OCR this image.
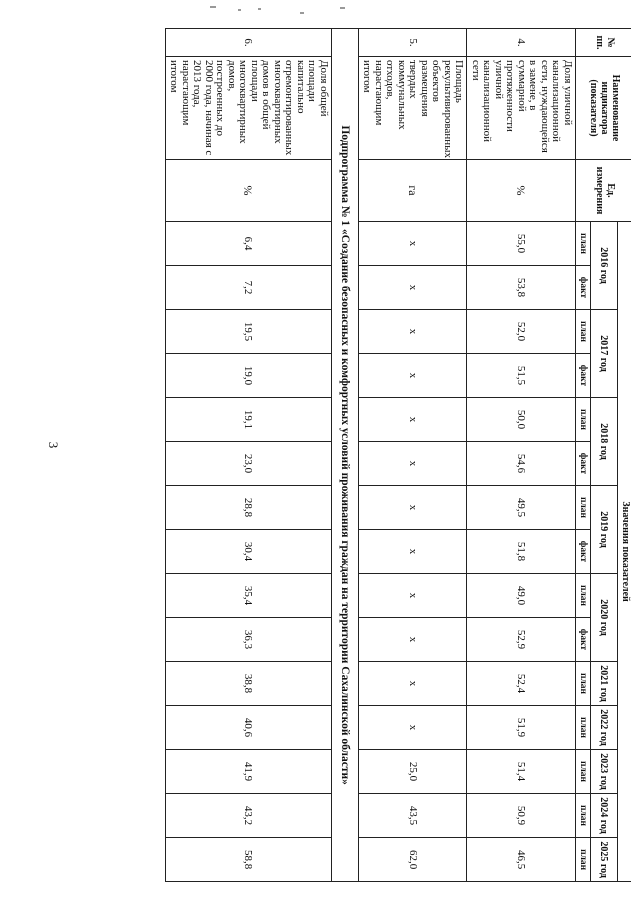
3
№ пп.	Наименование индикатора (показателя)	Ед. измерения	Значения показателей														
			2016 год		2017 год		2018 год		2019 год		2020 год		2021 год	2022 год	2023 год	2024 год	2025 год
			план	факт	план	факт	план	факт	план	факт	план	факт	план	план	план	план	план
4.	Доля уличной канализационной сети, нуждающейся в замене, в суммарной протяженности уличной канализационной сети	%	55,0	53,8	52,0	51,5	50,0	54,6	49,5	51,8	49,0	52,9	52,4	51,9	51,4	50,9	46,5
5.	Площадь рекультивированных объектов размещения твердых коммунальных отходов, нарастающим итогом	га	х	х	х	х	х	х	х	х	х	х	х	х	25,0	43,5	62,0
Подпрограмма № 1 «Создание безопасных и комфортных условий проживания граждан на территории Сахалинской области»																	
6.	Доля общей площади капитально отремонтированных многоквартирных домов в общей площади многоквартирных домов, построенных до 2000 года, начиная с 2013 года, нарастающим итогом	%	6,4	7,2	19,5	19,0	19,1	23,0	28,8	30,4	35,4	36,3	38,8	40,6	41,9	43,2	58,8
